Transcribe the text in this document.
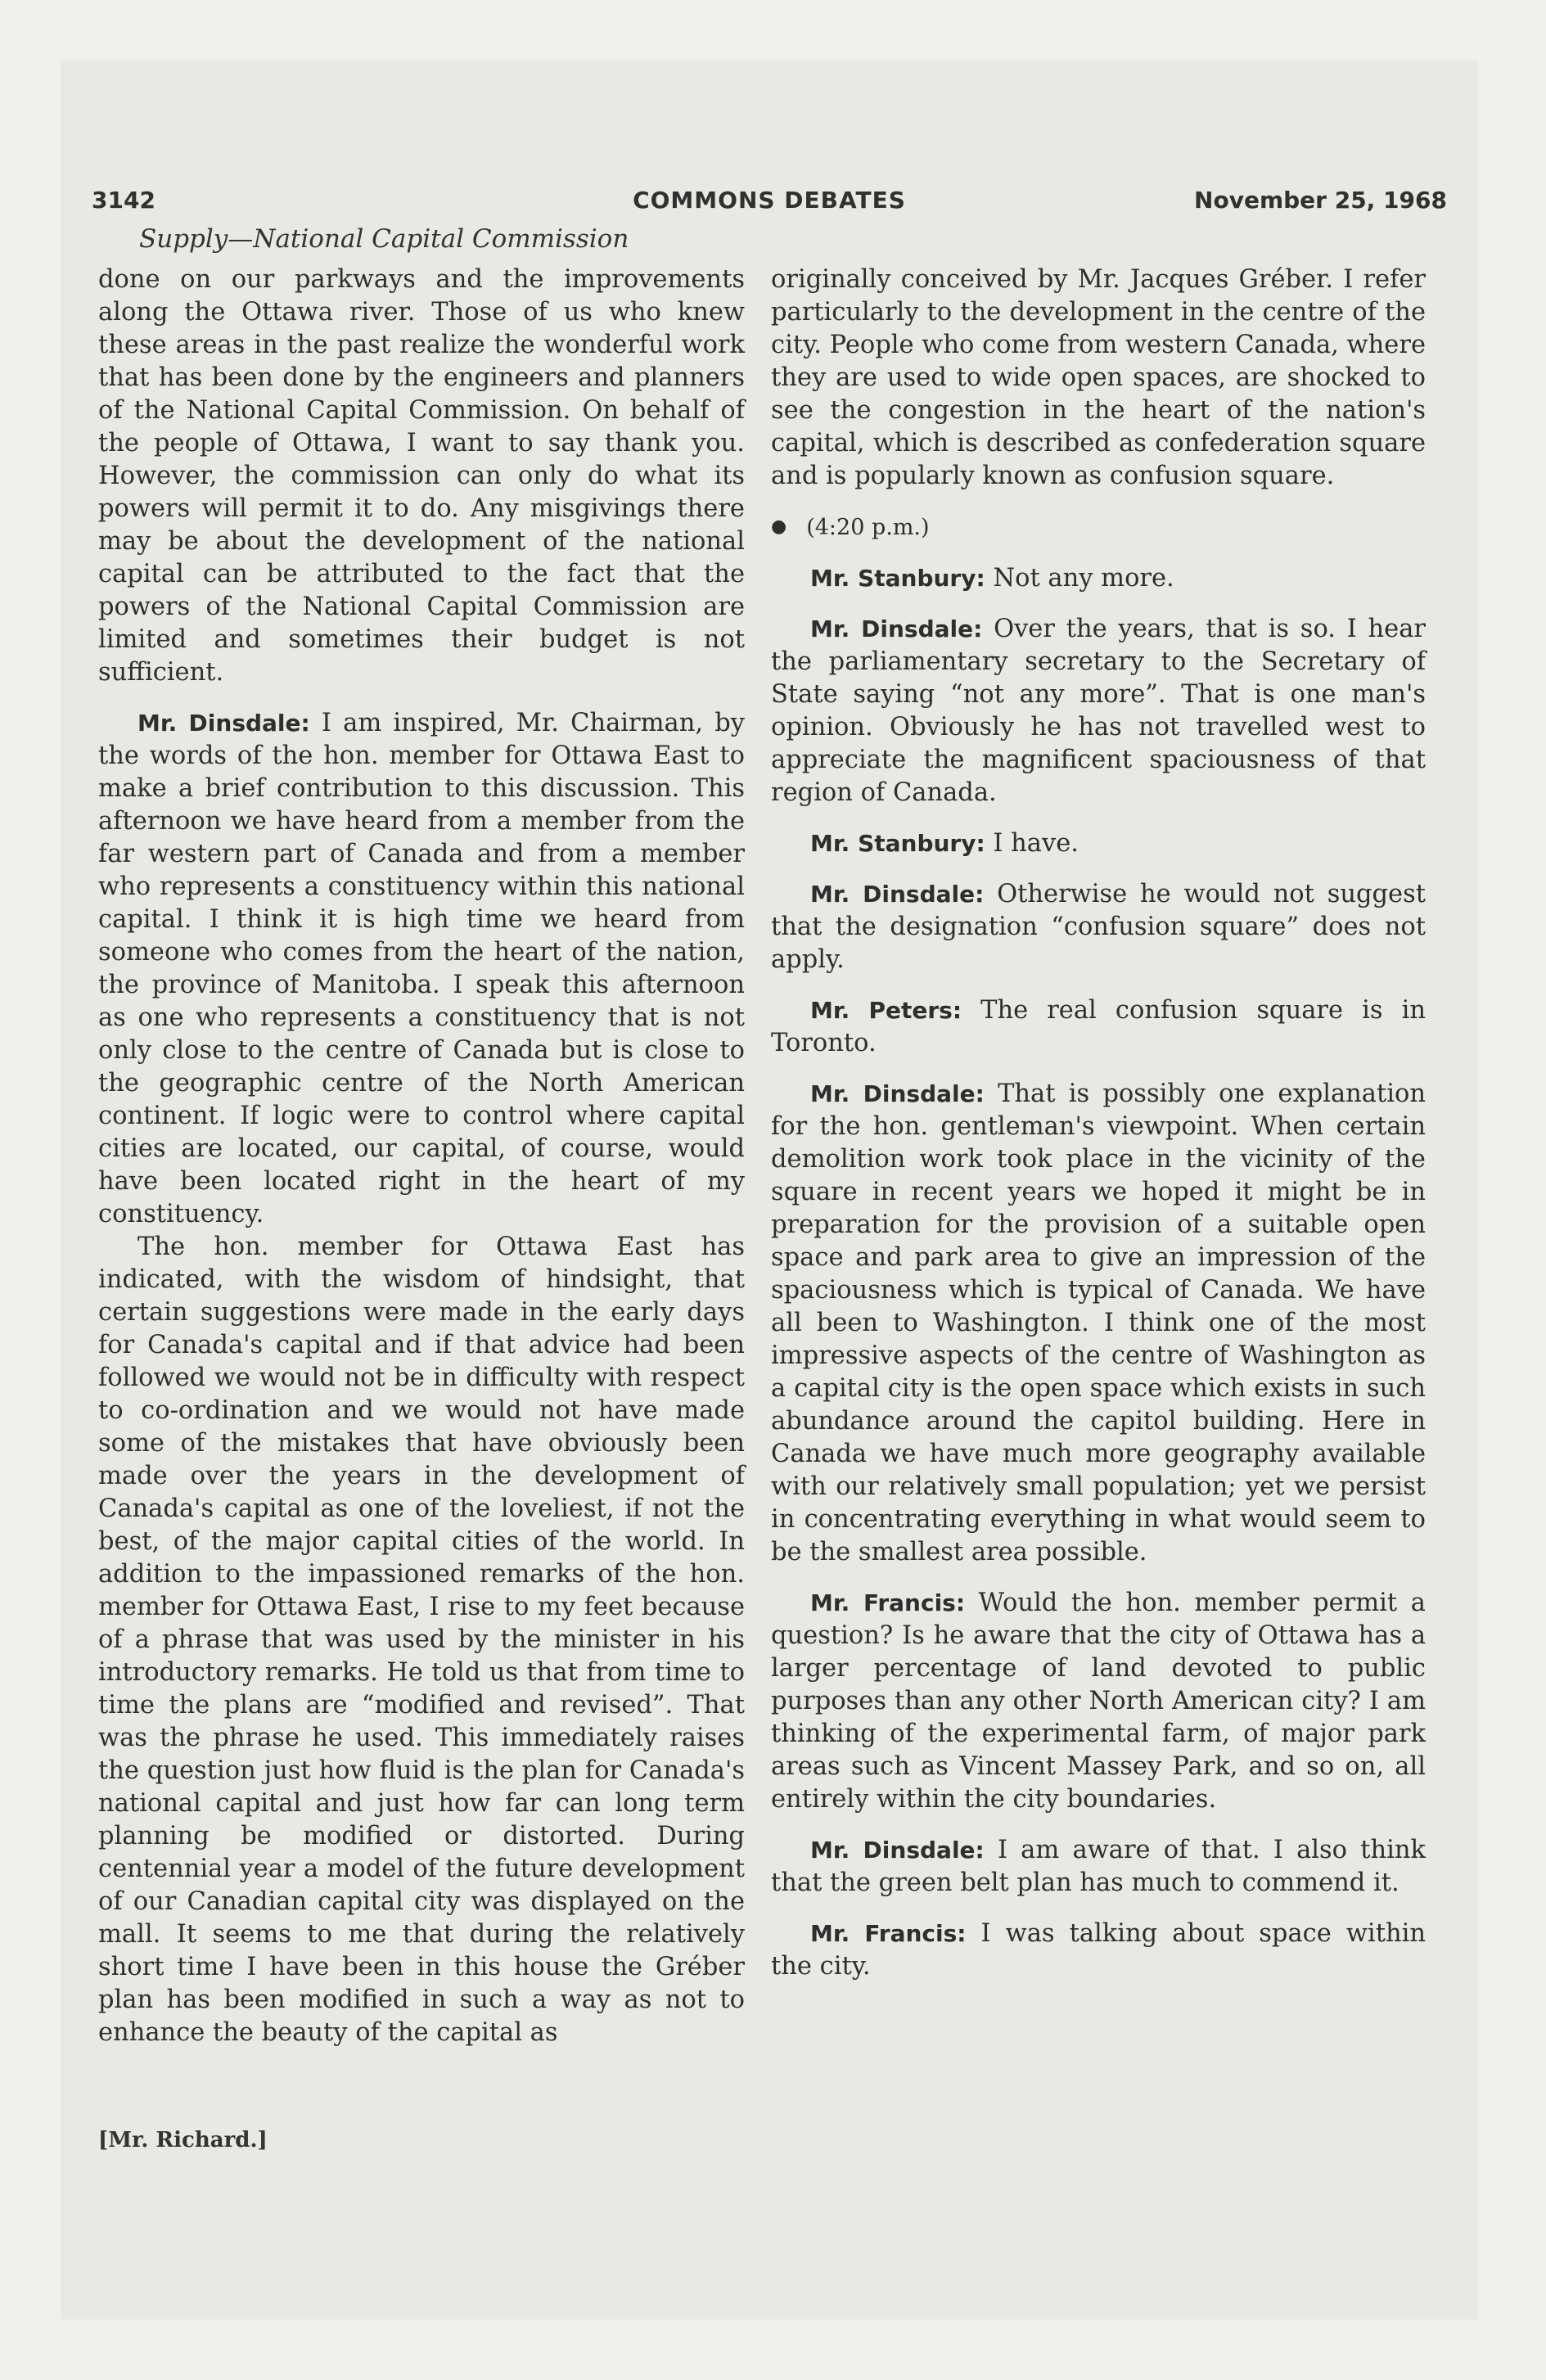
3142	COMMONS DEBATES	November 25, 1968
Supply—National Capital Commission

done on our parkways and the improvements along the Ottawa river. Those of us who knew these areas in the past realize the wonderful work that has been done by the engineers and planners of the National Capital Commission. On behalf of the people of Ottawa, I want to say thank you. However, the commission can only do what its powers will permit it to do. Any misgivings there may be about the development of the national capital can be attributed to the fact that the powers of the National Capital Commission are limited and sometimes their budget is not sufficient.

Mr. Dinsdale: I am inspired, Mr. Chairman, by the words of the hon. member for Ottawa East to make a brief contribution to this discussion. This afternoon we have heard from a member from the far western part of Canada and from a member who represents a constituency within this national capital. I think it is high time we heard from someone who comes from the heart of the nation, the province of Manitoba. I speak this afternoon as one who represents a constituency that is not only close to the centre of Canada but is close to the geographic centre of the North American continent. If logic were to control where capital cities are located, our capital, of course, would have been located right in the heart of my constituency.

The hon. member for Ottawa East has indicated, with the wisdom of hindsight, that certain suggestions were made in the early days for Canada's capital and if that advice had been followed we would not be in difficulty with respect to co-ordination and we would not have made some of the mistakes that have obviously been made over the years in the development of Canada's capital as one of the loveliest, if not the best, of the major capital cities of the world. In addition to the impassioned remarks of the hon. member for Ottawa East, I rise to my feet because of a phrase that was used by the minister in his introductory remarks. He told us that from time to time the plans are “modified and revised”. That was the phrase he used. This immediately raises the question just how fluid is the plan for Canada's national capital and just how far can long term planning be modified or distorted. During centennial year a model of the future development of our Canadian capital city was displayed on the mall. It seems to me that during the relatively short time I have been in this house the Gréber plan has been modified in such a way as not to enhance the beauty of the capital as

[Mr. Richard.]

originally conceived by Mr. Jacques Gréber. I refer particularly to the development in the centre of the city. People who come from western Canada, where they are used to wide open spaces, are shocked to see the congestion in the heart of the nation's capital, which is described as confederation square and is popularly known as confusion square.

● (4:20 p.m.)

Mr. Stanbury: Not any more.

Mr. Dinsdale: Over the years, that is so. I hear the parliamentary secretary to the Secretary of State saying “not any more”. That is one man's opinion. Obviously he has not travelled west to appreciate the magnificent spaciousness of that region of Canada.

Mr. Stanbury: I have.

Mr. Dinsdale: Otherwise he would not suggest that the designation “confusion square” does not apply.

Mr. Peters: The real confusion square is in Toronto.

Mr. Dinsdale: That is possibly one explanation for the hon. gentleman's viewpoint. When certain demolition work took place in the vicinity of the square in recent years we hoped it might be in preparation for the provision of a suitable open space and park area to give an impression of the spaciousness which is typical of Canada. We have all been to Washington. I think one of the most impressive aspects of the centre of Washington as a capital city is the open space which exists in such abundance around the capitol building. Here in Canada we have much more geography available with our relatively small population; yet we persist in concentrating everything in what would seem to be the smallest area possible.

Mr. Francis: Would the hon. member permit a question? Is he aware that the city of Ottawa has a larger percentage of land devoted to public purposes than any other North American city? I am thinking of the experimental farm, of major park areas such as Vincent Massey Park, and so on, all entirely within the city boundaries.

Mr. Dinsdale: I am aware of that. I also think that the green belt plan has much to commend it.

Mr. Francis: I was talking about space within the city.
